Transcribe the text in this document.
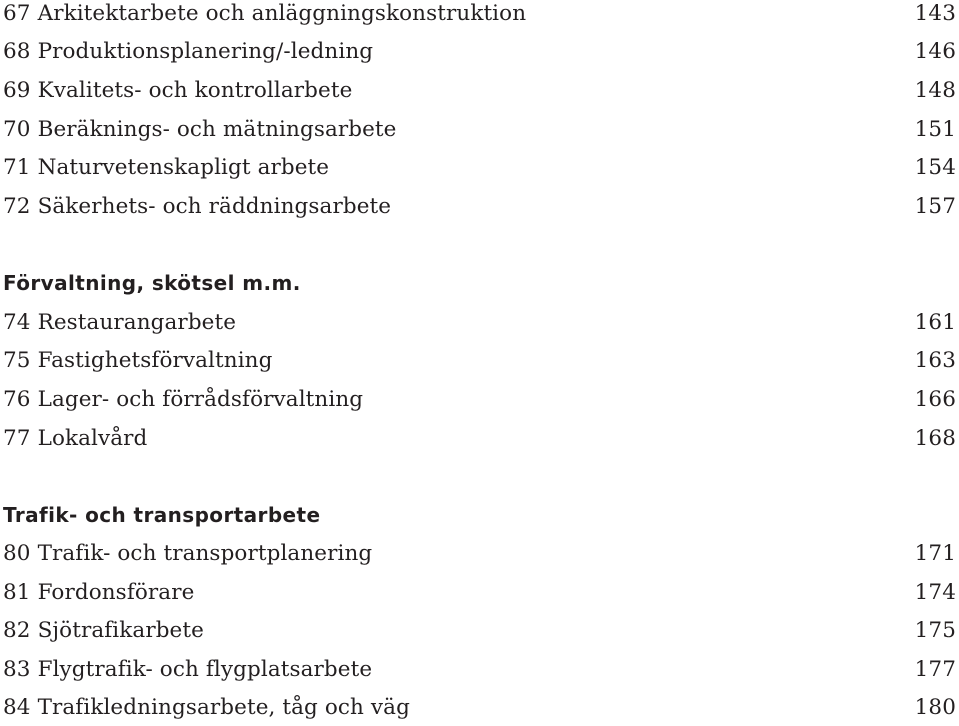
67 Arkitektarbete och anläggningskonstruktion	143
68 Produktionsplanering/-ledning	146
69 Kvalitets- och kontrollarbete	148
70 Beräknings- och mätningsarbete	151
71 Naturvetenskapligt arbete	154
72 Säkerhets- och räddningsarbete	157
Förvaltning, skötsel m.m.
74 Restaurangarbete	161
75 Fastighetsförvaltning	163
76 Lager- och förrådsförvaltning	166
77 Lokalvård	168
Trafik- och transportarbete
80 Trafik- och transportplanering	171
81 Fordonsförare	174
82 Sjötrafikarbete	175
83 Flygtrafik- och flygplatsarbete	177
84 Trafikledningsarbete, tåg och väg	180
